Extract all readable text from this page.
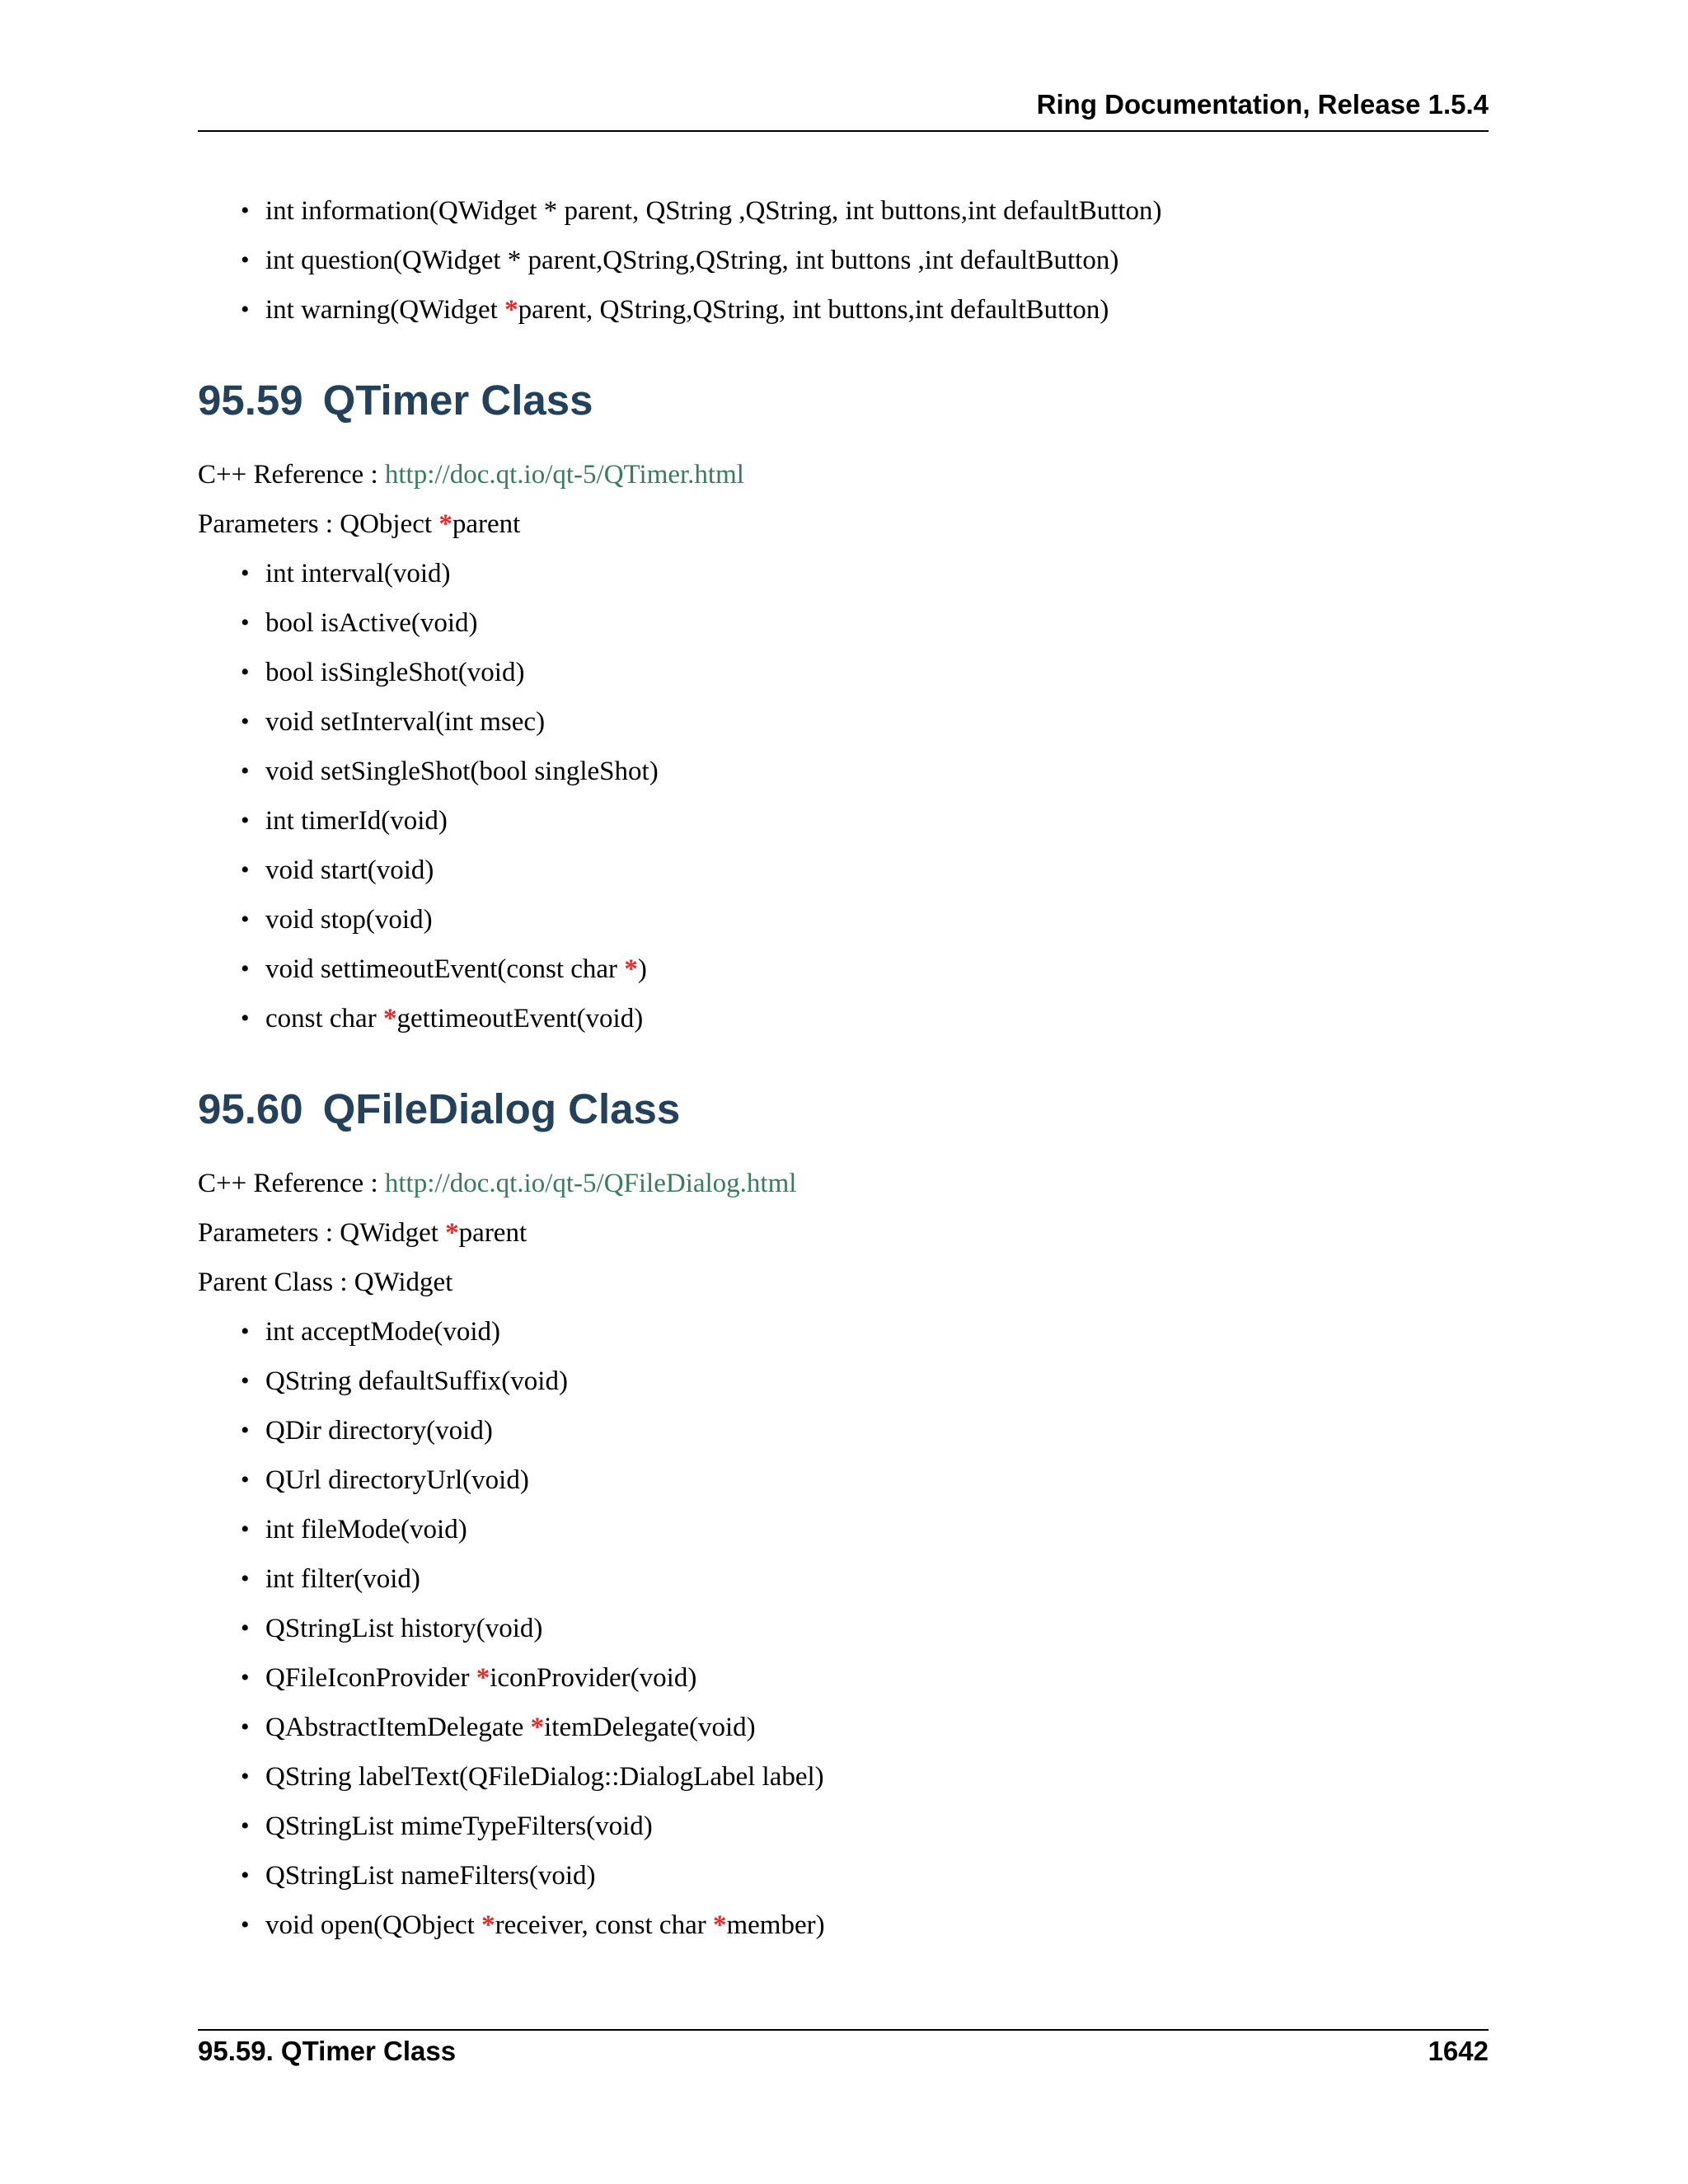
Ring Documentation, Release 1.5.4
• int information(QWidget * parent, QString ,QString, int buttons,int defaultButton)
• int question(QWidget * parent,QString,QString, int buttons ,int defaultButton)
• int warning(QWidget *parent, QString,QString, int buttons,int defaultButton)
95.59 QTimer Class
C++ Reference : http://doc.qt.io/qt-5/QTimer.html
Parameters : QObject *parent
• int interval(void)
• bool isActive(void)
• bool isSingleShot(void)
• void setInterval(int msec)
• void setSingleShot(bool singleShot)
• int timerId(void)
• void start(void)
• void stop(void)
• void settimeoutEvent(const char *)
• const char *gettimeoutEvent(void)
95.60 QFileDialog Class
C++ Reference : http://doc.qt.io/qt-5/QFileDialog.html
Parameters : QWidget *parent
Parent Class : QWidget
• int acceptMode(void)
• QString defaultSuffix(void)
• QDir directory(void)
• QUrl directoryUrl(void)
• int fileMode(void)
• int filter(void)
• QStringList history(void)
• QFileIconProvider *iconProvider(void)
• QAbstractItemDelegate *itemDelegate(void)
• QString labelText(QFileDialog::DialogLabel label)
• QStringList mimeTypeFilters(void)
• QStringList nameFilters(void)
• void open(QObject *receiver, const char *member)
95.59. QTimer Class	1642
